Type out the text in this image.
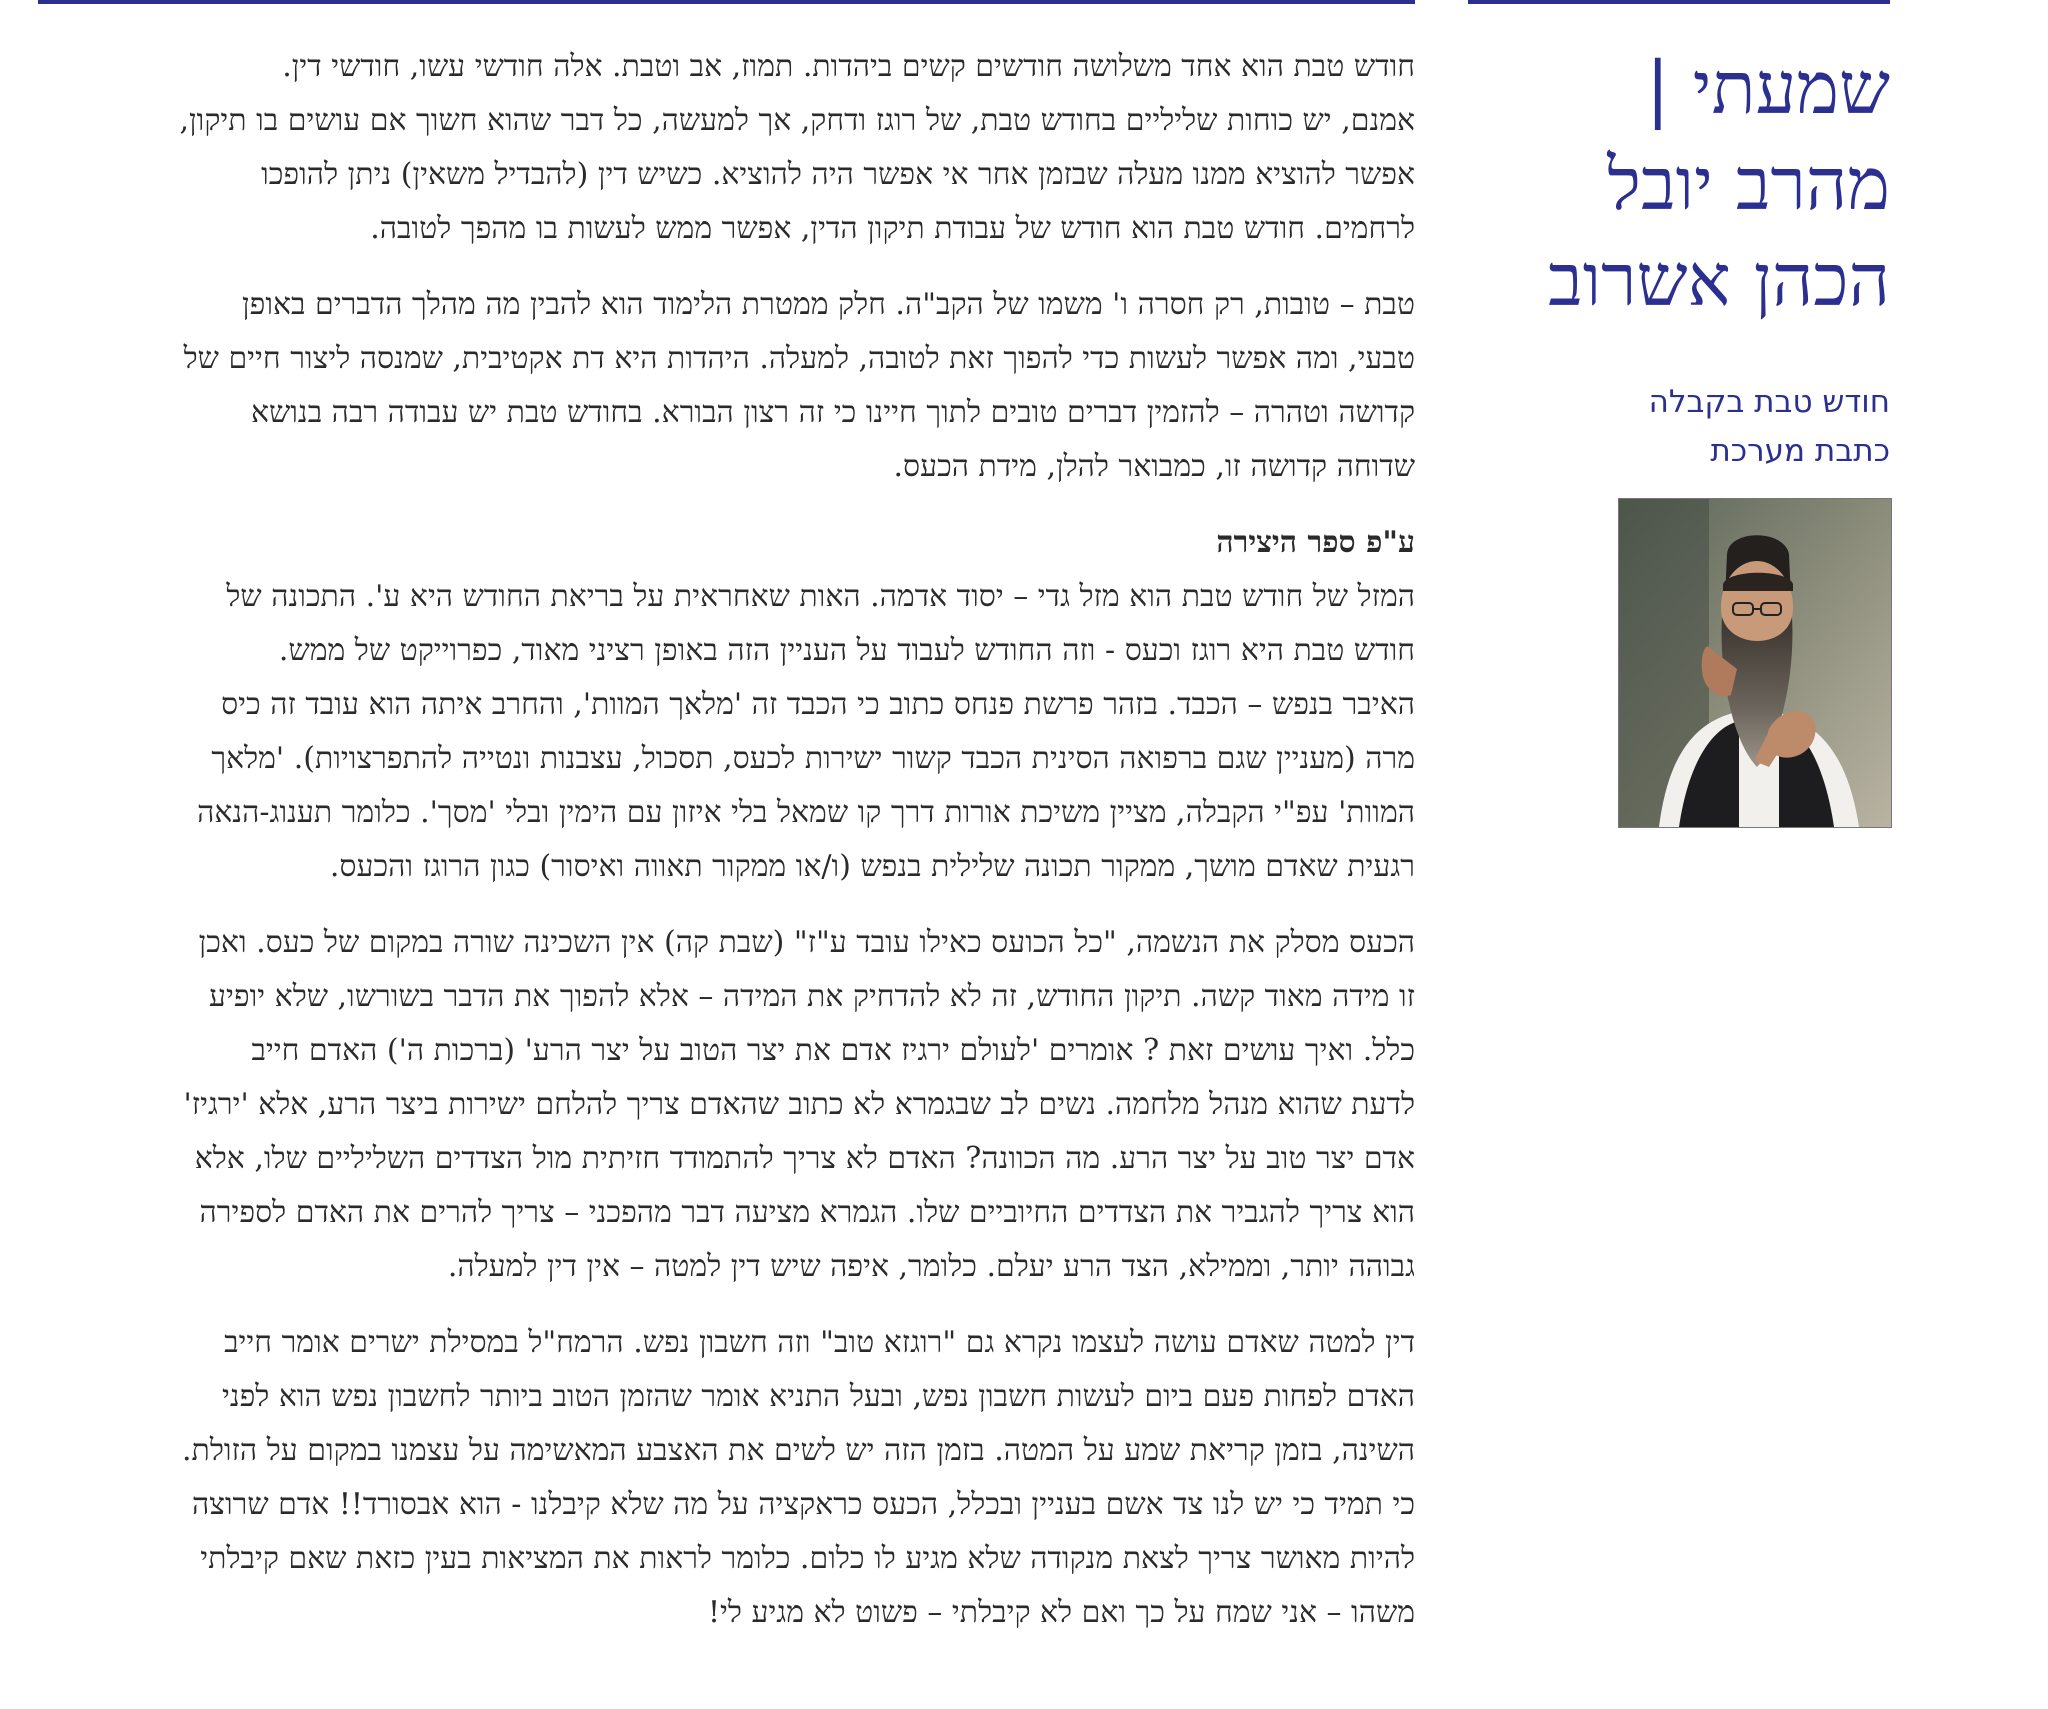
שמעתי |
מהרב יובל
הכהן אשרוב
חודש טבת בקבלה
כתבת מערכת
חודש טבת הוא אחד משלושה חודשים קשים ביהדות. תמוז, אב וטבת. אלה חודשי עשו, חודשי דין.
אמנם, יש כוחות שליליים בחודש טבת, של רוגז ודחק, אך למעשה, כל דבר שהוא חשוך אם עושים בו תיקון,
אפשר להוציא ממנו מעלה שבזמן אחר אי אפשר היה להוציא. כשיש דין (להבדיל משאין) ניתן להופכו
לרחמים. חודש טבת הוא חודש של עבודת תיקון הדין, אפשר ממש לעשות בו מהפך לטובה.
טבת – טובות, רק חסרה ו' משמו של הקב"ה. חלק ממטרת הלימוד הוא להבין מה מהלך הדברים באופן
טבעי, ומה אפשר לעשות כדי להפוך זאת לטובה, למעלה. היהדות היא דת אקטיבית, שמנסה ליצור חיים של
קדושה וטהרה – להזמין דברים טובים לתוך חיינו כי זה רצון הבורא. בחודש טבת יש עבודה רבה בנושא
שדוחה קדושה זו, כמבואר להלן, מידת הכעס.
ע"פ ספר היצירה
המזל של חודש טבת הוא מזל גדי – יסוד אדמה. האות שאחראית על בריאת החודש היא ע'. התכונה של
חודש טבת היא רוגז וכעס - וזה החודש לעבוד על העניין הזה באופן רציני מאוד, כפרוייקט של ממש.
האיבר בנפש – הכבד. בזהר פרשת פנחס כתוב כי הכבד זה 'מלאך המוות', והחרב איתה הוא עובד זה כיס
מרה (מעניין שגם ברפואה הסינית הכבד קשור ישירות לכעס, תסכול, עצבנות ונטייה להתפרצויות). 'מלאך
המוות' עפ"י הקבלה, מציין משיכת אורות דרך קו שמאל בלי איזון עם הימין ובלי 'מסך'. כלומר תענוג-הנאה
רגעית שאדם מושך, ממקור תכונה שלילית בנפש (ו/או ממקור תאווה ואיסור) כגון הרוגז והכעס.
הכעס מסלק את הנשמה, "כל הכועס כאילו עובד ע"ז" (שבת קה) אין השכינה שורה במקום של כעס. ואכן
זו מידה מאוד קשה. תיקון החודש, זה לא להדחיק את המידה – אלא להפוך את הדבר בשורשו, שלא יופיע
כלל. ואיך עושים זאת ? אומרים 'לעולם ירגיז אדם את יצר הטוב על יצר הרע' (ברכות ה') האדם חייב
לדעת שהוא מנהל מלחמה. נשים לב שבגמרא לא כתוב שהאדם צריך להלחם ישירות ביצר הרע, אלא 'ירגיז'
אדם יצר טוב על יצר הרע. מה הכוונה? האדם לא צריך להתמודד חזיתית מול הצדדים השליליים שלו, אלא
הוא צריך להגביר את הצדדים החיוביים שלו. הגמרא מציעה דבר מהפכני – צריך להרים את האדם לספירה
גבוהה יותר, וממילא, הצד הרע יעלם. כלומר, איפה שיש דין למטה – אין דין למעלה.
דין למטה שאדם עושה לעצמו נקרא גם "רוגזא טוב" וזה חשבון נפש. הרמח"ל במסילת ישרים אומר חייב
האדם לפחות פעם ביום לעשות חשבון נפש, ובעל התניא אומר שהזמן הטוב ביותר לחשבון נפש הוא לפני
השינה, בזמן קריאת שמע על המטה. בזמן הזה יש לשים את האצבע המאשימה על עצמנו במקום על הזולת.
כי תמיד כי יש לנו צד אשם בעניין ובכלל, הכעס כראקציה על מה שלא קיבלנו - הוא אבסורד!! אדם שרוצה
להיות מאושר צריך לצאת מנקודה שלא מגיע לו כלום. כלומר לראות את המציאות בעין כזאת שאם קיבלתי
משהו – אני שמח על כך ואם לא קיבלתי – פשוט לא מגיע לי!
